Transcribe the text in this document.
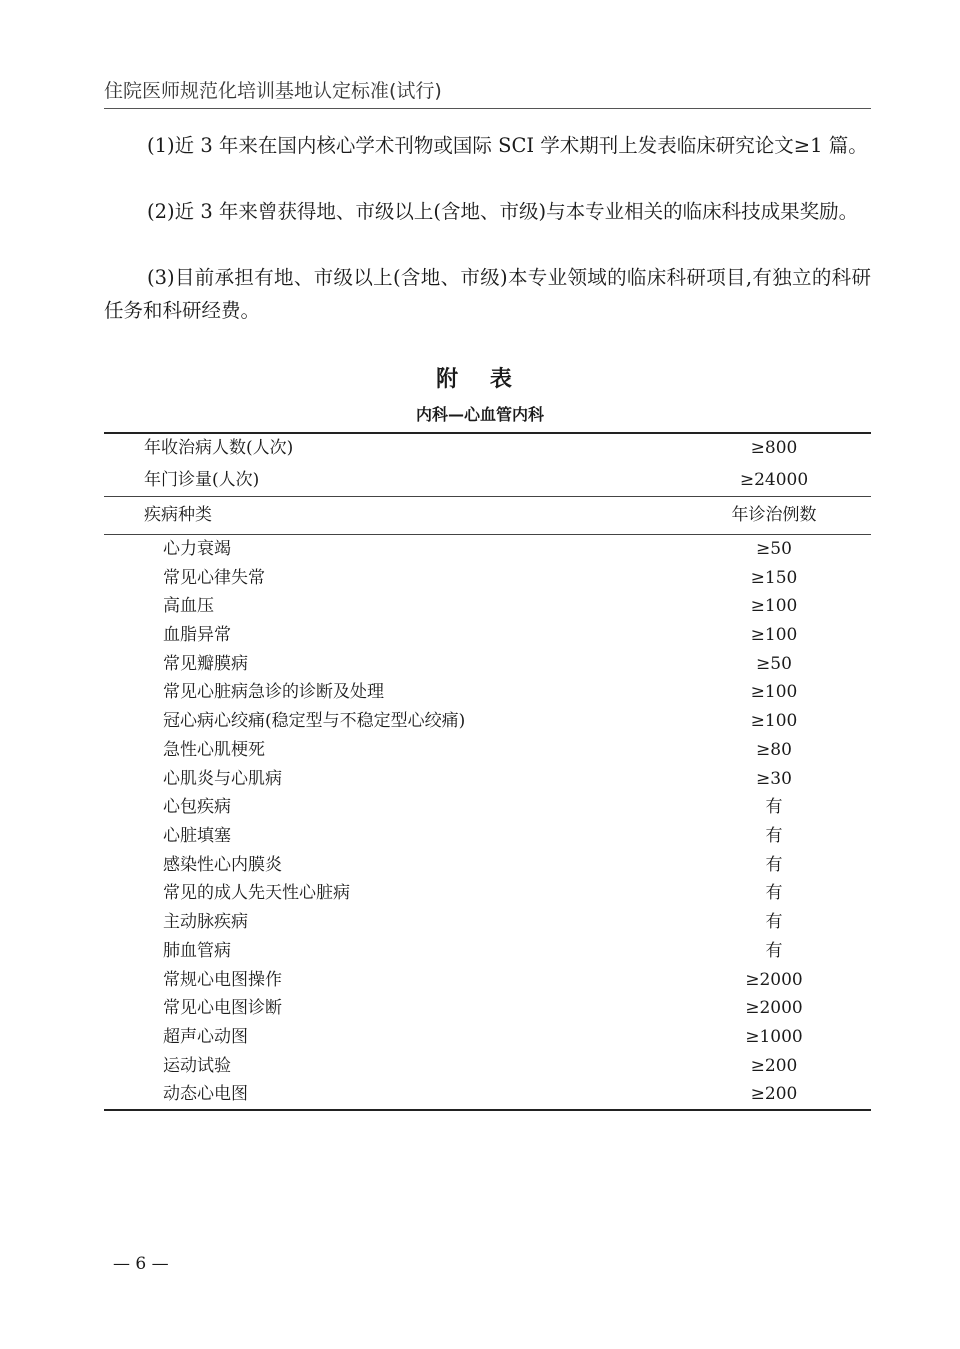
住院医师规范化培训基地认定标准(试行)
(1)近 3 年来在国内核心学术刊物或国际 SCI 学术期刊上发表临床研究论文≥1 篇。
(2)近 3 年来曾获得地、市级以上(含地、市级)与本专业相关的临床科技成果奖励。
(3)目前承担有地、市级以上(含地、市级)本专业领域的临床科研项目,有独立的科研任务和科研经费。
附 表
内科—心血管内科
年收治病人数(人次)	≥800
年门诊量(人次)	≥24000
疾病种类	年诊治例数
心力衰竭	≥50
常见心律失常	≥150
高血压	≥100
血脂异常	≥100
常见瓣膜病	≥50
常见心脏病急诊的诊断及处理	≥100
冠心病心绞痛(稳定型与不稳定型心绞痛)	≥100
急性心肌梗死	≥80
心肌炎与心肌病	≥30
心包疾病	有
心脏填塞	有
感染性心内膜炎	有
常见的成人先天性心脏病	有
主动脉疾病	有
肺血管病	有
常规心电图操作	≥2000
常见心电图诊断	≥2000
超声心动图	≥1000
运动试验	≥200
动态心电图	≥200
— 6 —
